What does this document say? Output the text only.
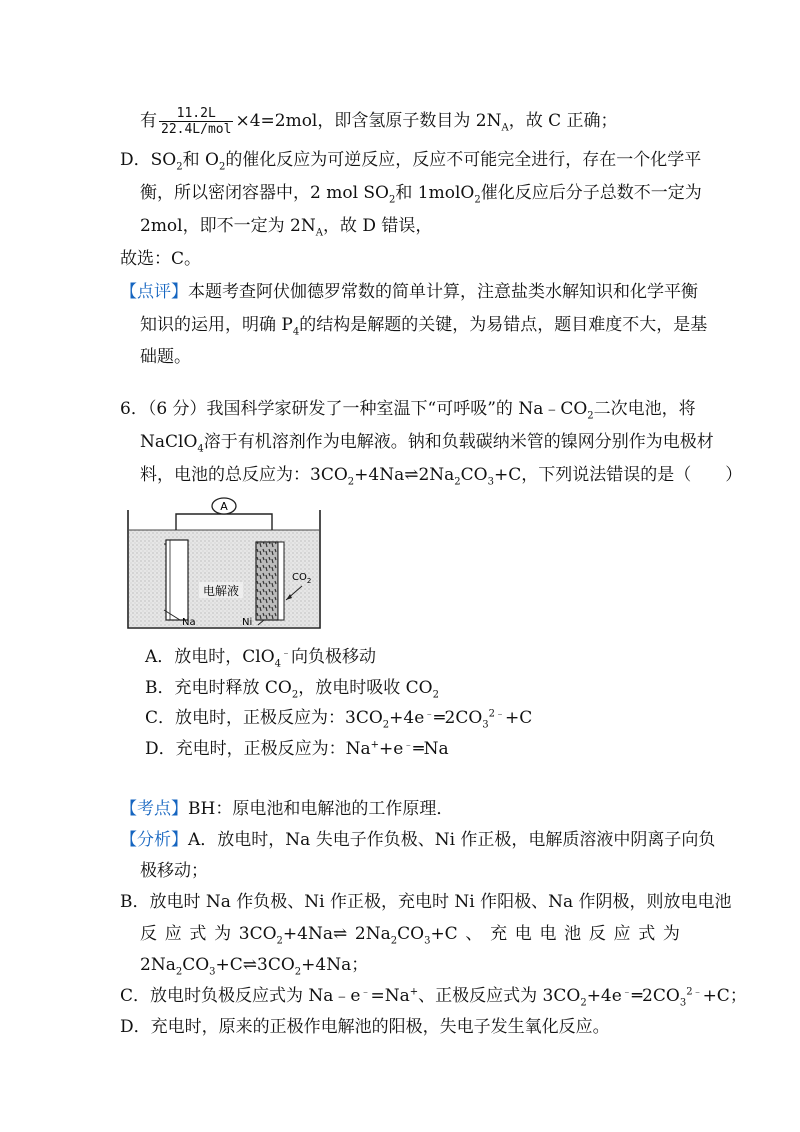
有 $\frac{11.2L}{\text{22.4L/mol}} \times 4=2mol$，即含氢原子数目为 $2N_A$，故 C 正确；
D．$SO_2$和 $O_2$的催化反应为可逆反应，反应不可能完全进行，存在一个化学平
衡，所以密闭容器中，2 mol $SO_2$和 1molO$_2$催化反应后分子总数不一定为
2mol，即不一定为 $2N_A$，故 D 错误，
故选：C。
【点评】本题考查阿伏伽德罗常数的简单计算，注意盐类水解知识和化学平衡
知识的运用，明确 $P_4$的结构是解题的关键，为易错点，题目难度不大，是基
础题。
6．（6 分）我国科学家研发了一种室温下“可呼吸”的 $Na﹣CO_2$二次电池，将
NaClO$_4$溶于有机溶剂作为电解液。钠和负载碳纳米管的镍网分别作为电极材
料，电池的总反应为：$3CO_2+4Na\rightleftharpoons 2Na_2CO_3+C$，下列说法错误的是（　　）
A
电解液
$CO_2$
Na	Ni
A．放电时，ClO$_4$﹣向负极移动
B．充电时释放 $CO_2$，放电时吸收 $CO_2$
C．放电时，正极反应为：$3CO_2+4e^﹣═2CO_3^{2﹣}+C$
D．充电时，正极反应为：Na++e﹣═Na
【考点】BH：原电池和电解池的工作原理．
【分析】A．放电时，Na 失电子作负极、Ni 作正极，电解质溶液中阴离子向负
极移动；
B．放电时 Na 作负极、Ni 作正极，充电时 Ni 作阳极、Na 作阴极，则放电电池
反 应 式 为 $3CO_2+4Na\rightleftharpoons$ $2Na_2CO_3+C$ 、 充 电 电 池 反 应 式 为
$2Na_2CO_3+C\rightleftharpoons 3CO_2+4Na$；
C．放电时负极反应式为 Na﹣e﹣=Na+、正极反应式为 $3CO_2+4e^﹣═2CO_3^{2﹣}+C$；
D．充电时，原来的正极作电解池的阳极，失电子发生氧化反应。
